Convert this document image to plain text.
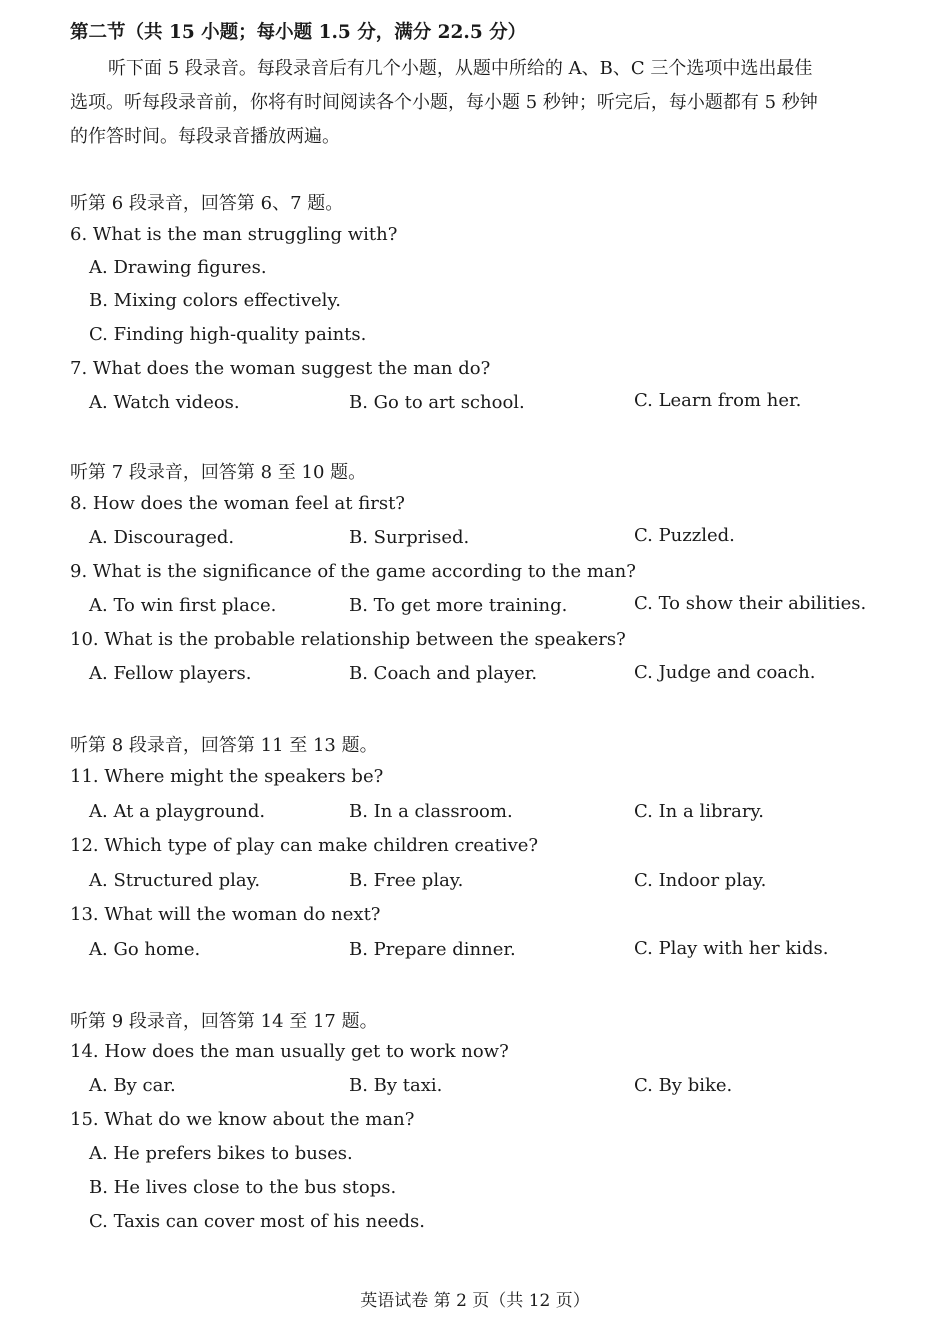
第二节（共 15 小题；每小题 1.5 分，满分 22.5 分）
听下面 5 段录音。每段录音后有几个小题，从题中所给的 A、B、C 三个选项中选出最佳
选项。听每段录音前，你将有时间阅读各个小题，每小题 5 秒钟；听完后，每小题都有 5 秒钟
的作答时间。每段录音播放两遍。
听第 6 段录音，回答第 6、7 题。
6. What is the man struggling with?
A. Drawing figures.
B. Mixing colors effectively.
C. Finding high-quality paints.
7. What does the woman suggest the man do?
A. Watch videos.	B. Go to art school.	C. Learn from her.
听第 7 段录音，回答第 8 至 10 题。
8. How does the woman feel at first?
A. Discouraged.	B. Surprised.	C. Puzzled.
9. What is the significance of the game according to the man?
A. To win first place.	B. To get more training.	C. To show their abilities.
10. What is the probable relationship between the speakers?
A. Fellow players.	B. Coach and player.	C. Judge and coach.
听第 8 段录音，回答第 11 至 13 题。
11. Where might the speakers be?
A. At a playground.	B. In a classroom.	C. In a library.
12. Which type of play can make children creative?
A. Structured play.	B. Free play.	C. Indoor play.
13. What will the woman do next?
A. Go home.	B. Prepare dinner.	C. Play with her kids.
听第 9 段录音，回答第 14 至 17 题。
14. How does the man usually get to work now?
A. By car.	B. By taxi.	C. By bike.
15. What do we know about the man?
A. He prefers bikes to buses.
B. He lives close to the bus stops.
C. Taxis can cover most of his needs.
英语试卷 第 2 页（共 12 页）
